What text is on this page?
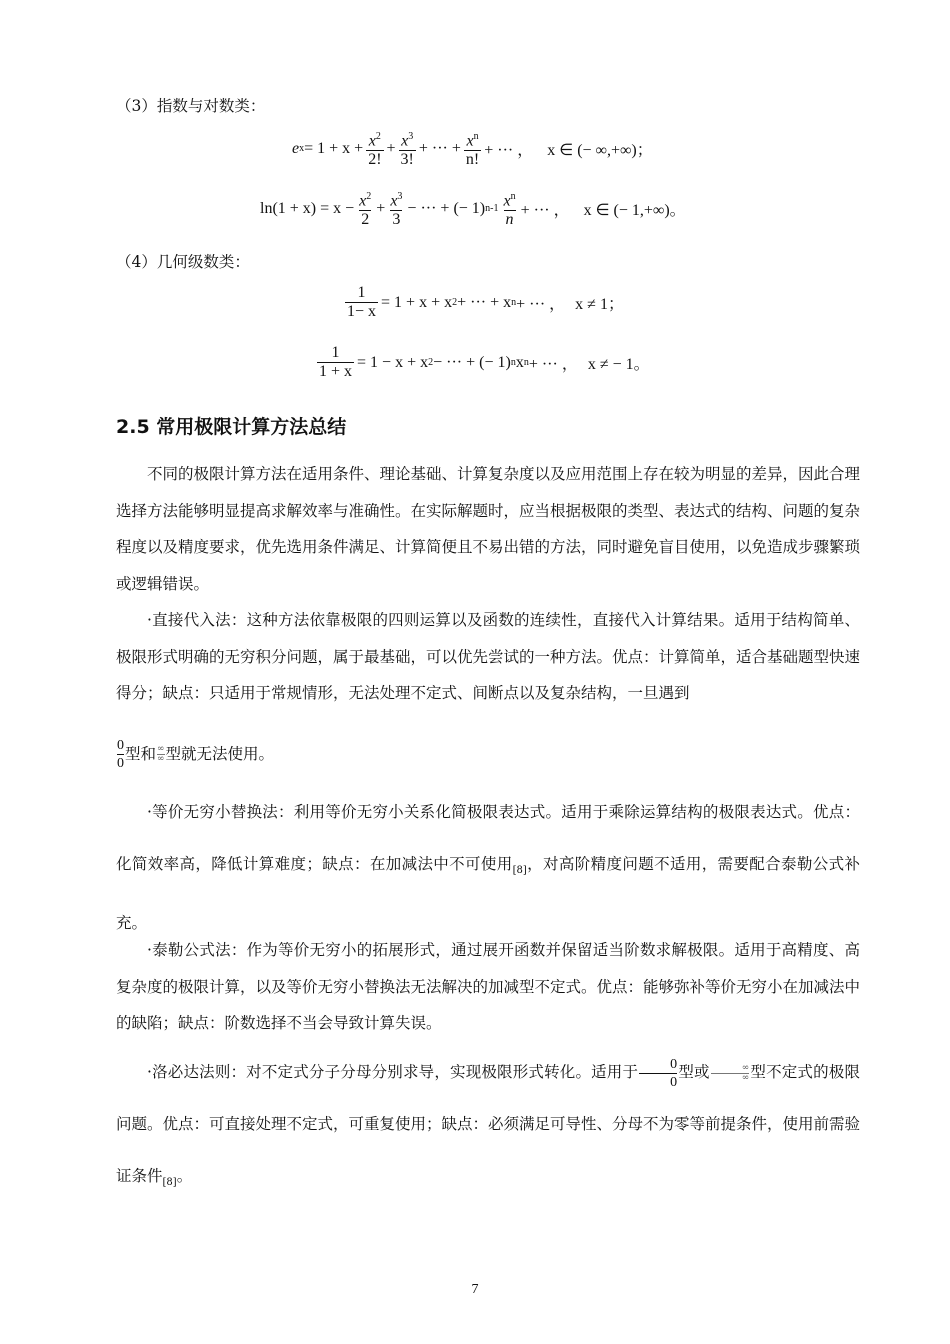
（3）指数与对数类：
e $x = 1 + x + \frac{x^2}{2!} + \frac{x^3}{3!}$ + ··· + $\frac{x^n}{n!}$ + ··· ， x ∈ (− ∞,+∞)；
$\ln(1 + x) = x - \frac{x^2}{2} + \frac{x^3}{3}$ − ··· + (− 1) $n-1 \frac{x^n}{n}$ + ··· ， x ∈ (− 1,+∞)。
（4）几何级数类：
$\frac{1}{1- x} = 1 + x + x$ 2 + ··· + x n + ··· ， x ≠ 1；
$\frac{1}{1 + x} = 1 - x + x$ 2 − ··· + (− 1) n x n + ··· ， x ≠ − 1。
2.5 常用极限计算方法总结

不同的极限计算方法在适用条件、理论基础、计算复杂度以及应用范围上存在较为明显的差异，因此合理选择方法能够明显提高求解效率与准确性。在实际解题时，应当根据极限的类型、表达式的结构、问题的复杂程度以及精度要求，优先选用条件满足、计算简便且不易出错的方法，同时避免盲目使用，以免造成步骤繁琐或逻辑错误。

·直接代入法：这种方法依靠极限的四则运算以及函数的连续性，直接代入计算结果。适用于结构简单、极限形式明确的无穷积分问题，属于最基础，可以优先尝试的一种方法。优点：计算简单，适合基础题型快速得分；缺点：只适用于常规情形，无法处理不定式、间断点以及复杂结构，一旦遇到

0
0 型和 ∞
∞ 型就无法使用。

·等价无穷小替换法：利用等价无穷小关系化简极限表达式。适用于乘除运算结构的极限表达式。优点：化简效率高，降低计算难度；缺点：在加减法中不可使用$_{[8]}$，对高阶精度问题不适用，需要配合泰勒公式补充。

·泰勒公式法：作为等价无穷小的拓展形式，通过展开函数并保留适当阶数求解极限。适用于高精度、高复杂度的极限计算，以及等价无穷小替换法无法解决的加减型不定式。优点：能够弥补等价无穷小在加减法中的缺陷；缺点：阶数选择不当会导致计算失误。

·洛必达法则：对不定式分子分母分别求导，实现极限形式转化。适用于 $\frac{0}{0}$ 型或	∞
∞ 型不定式的极限问题。优点：可直接处理不定式，可重复使用；缺点：必须满足可导性、分母不为零等前提条件，使用前需验证条件$_{[8]}$。

7
